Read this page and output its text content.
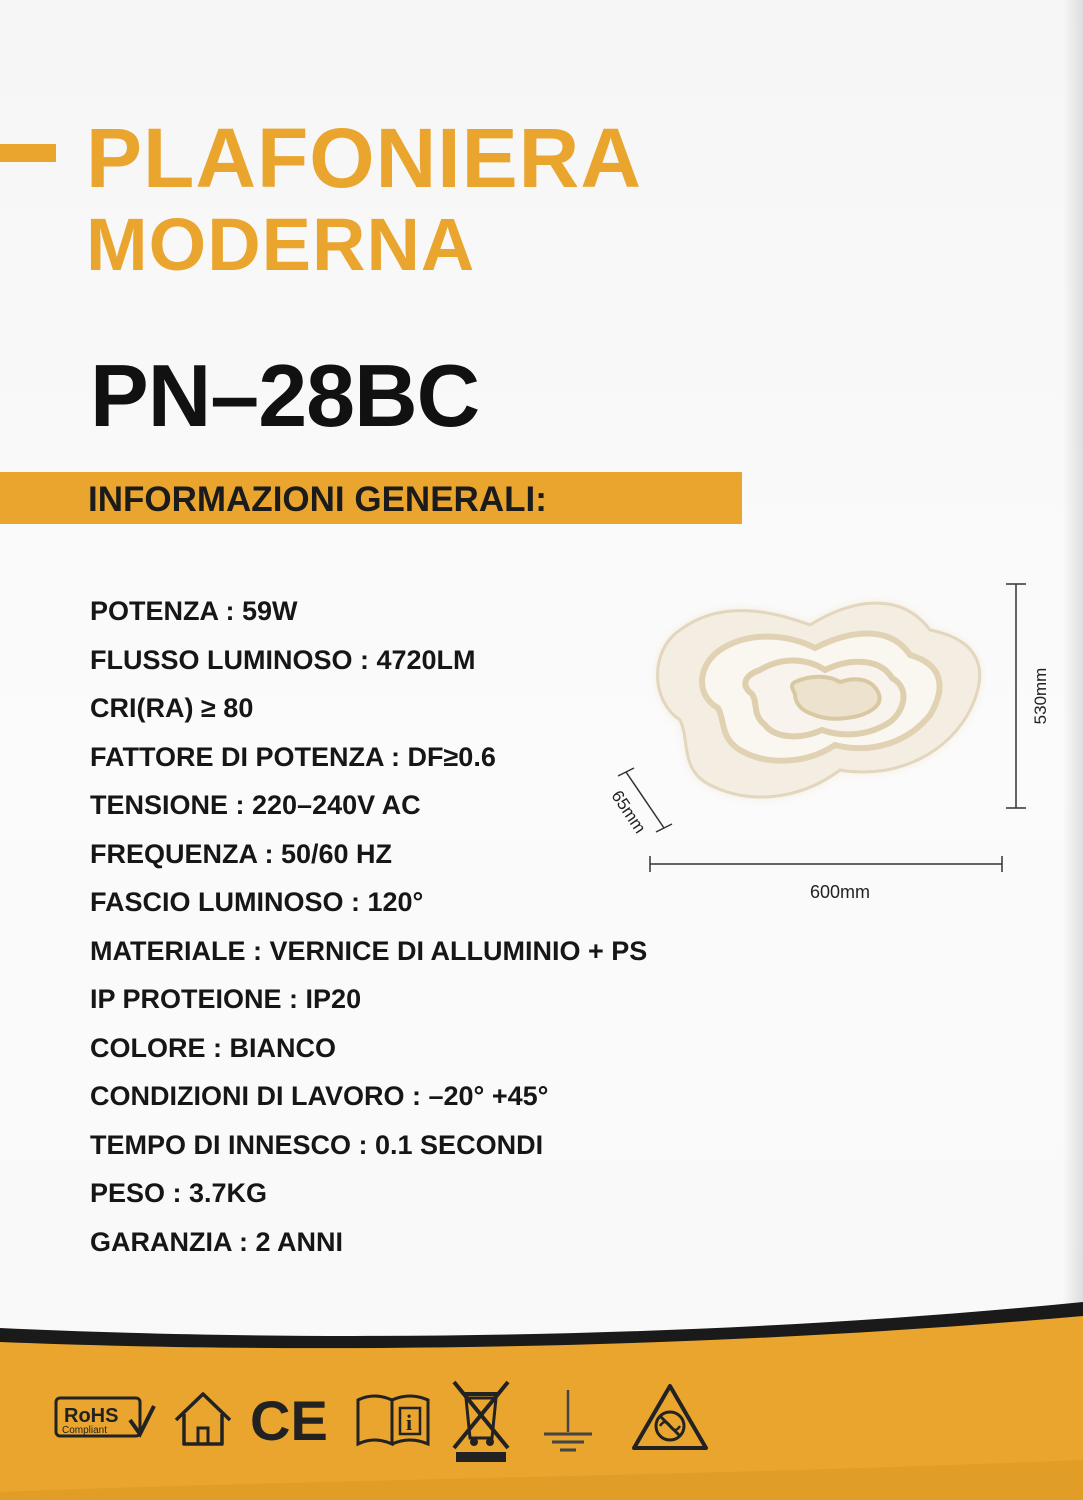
PLAFONIERA
MODERNA
PN–28BC
INFORMAZIONI GENERALI:
POTENZA : 59W
FLUSSO LUMINOSO : 4720LM
CRI(RA) ≥ 80
FATTORE DI POTENZA : DF≥0.6
TENSIONE : 220–240V AC
FREQUENZA : 50/60 HZ
FASCIO LUMINOSO : 120°
MATERIALE : VERNICE DI ALLUMINIO + PS
IP PROTEIONE : IP20
COLORE : BIANCO
CONDIZIONI DI LAVORO : –20° +45°
TEMPO DI INNESCO : 0.1 SECONDI
PESO : 3.7KG
GARANZIA : 2 ANNI
530mm
600mm
65mm
RoHS
Compliant	CE	i
